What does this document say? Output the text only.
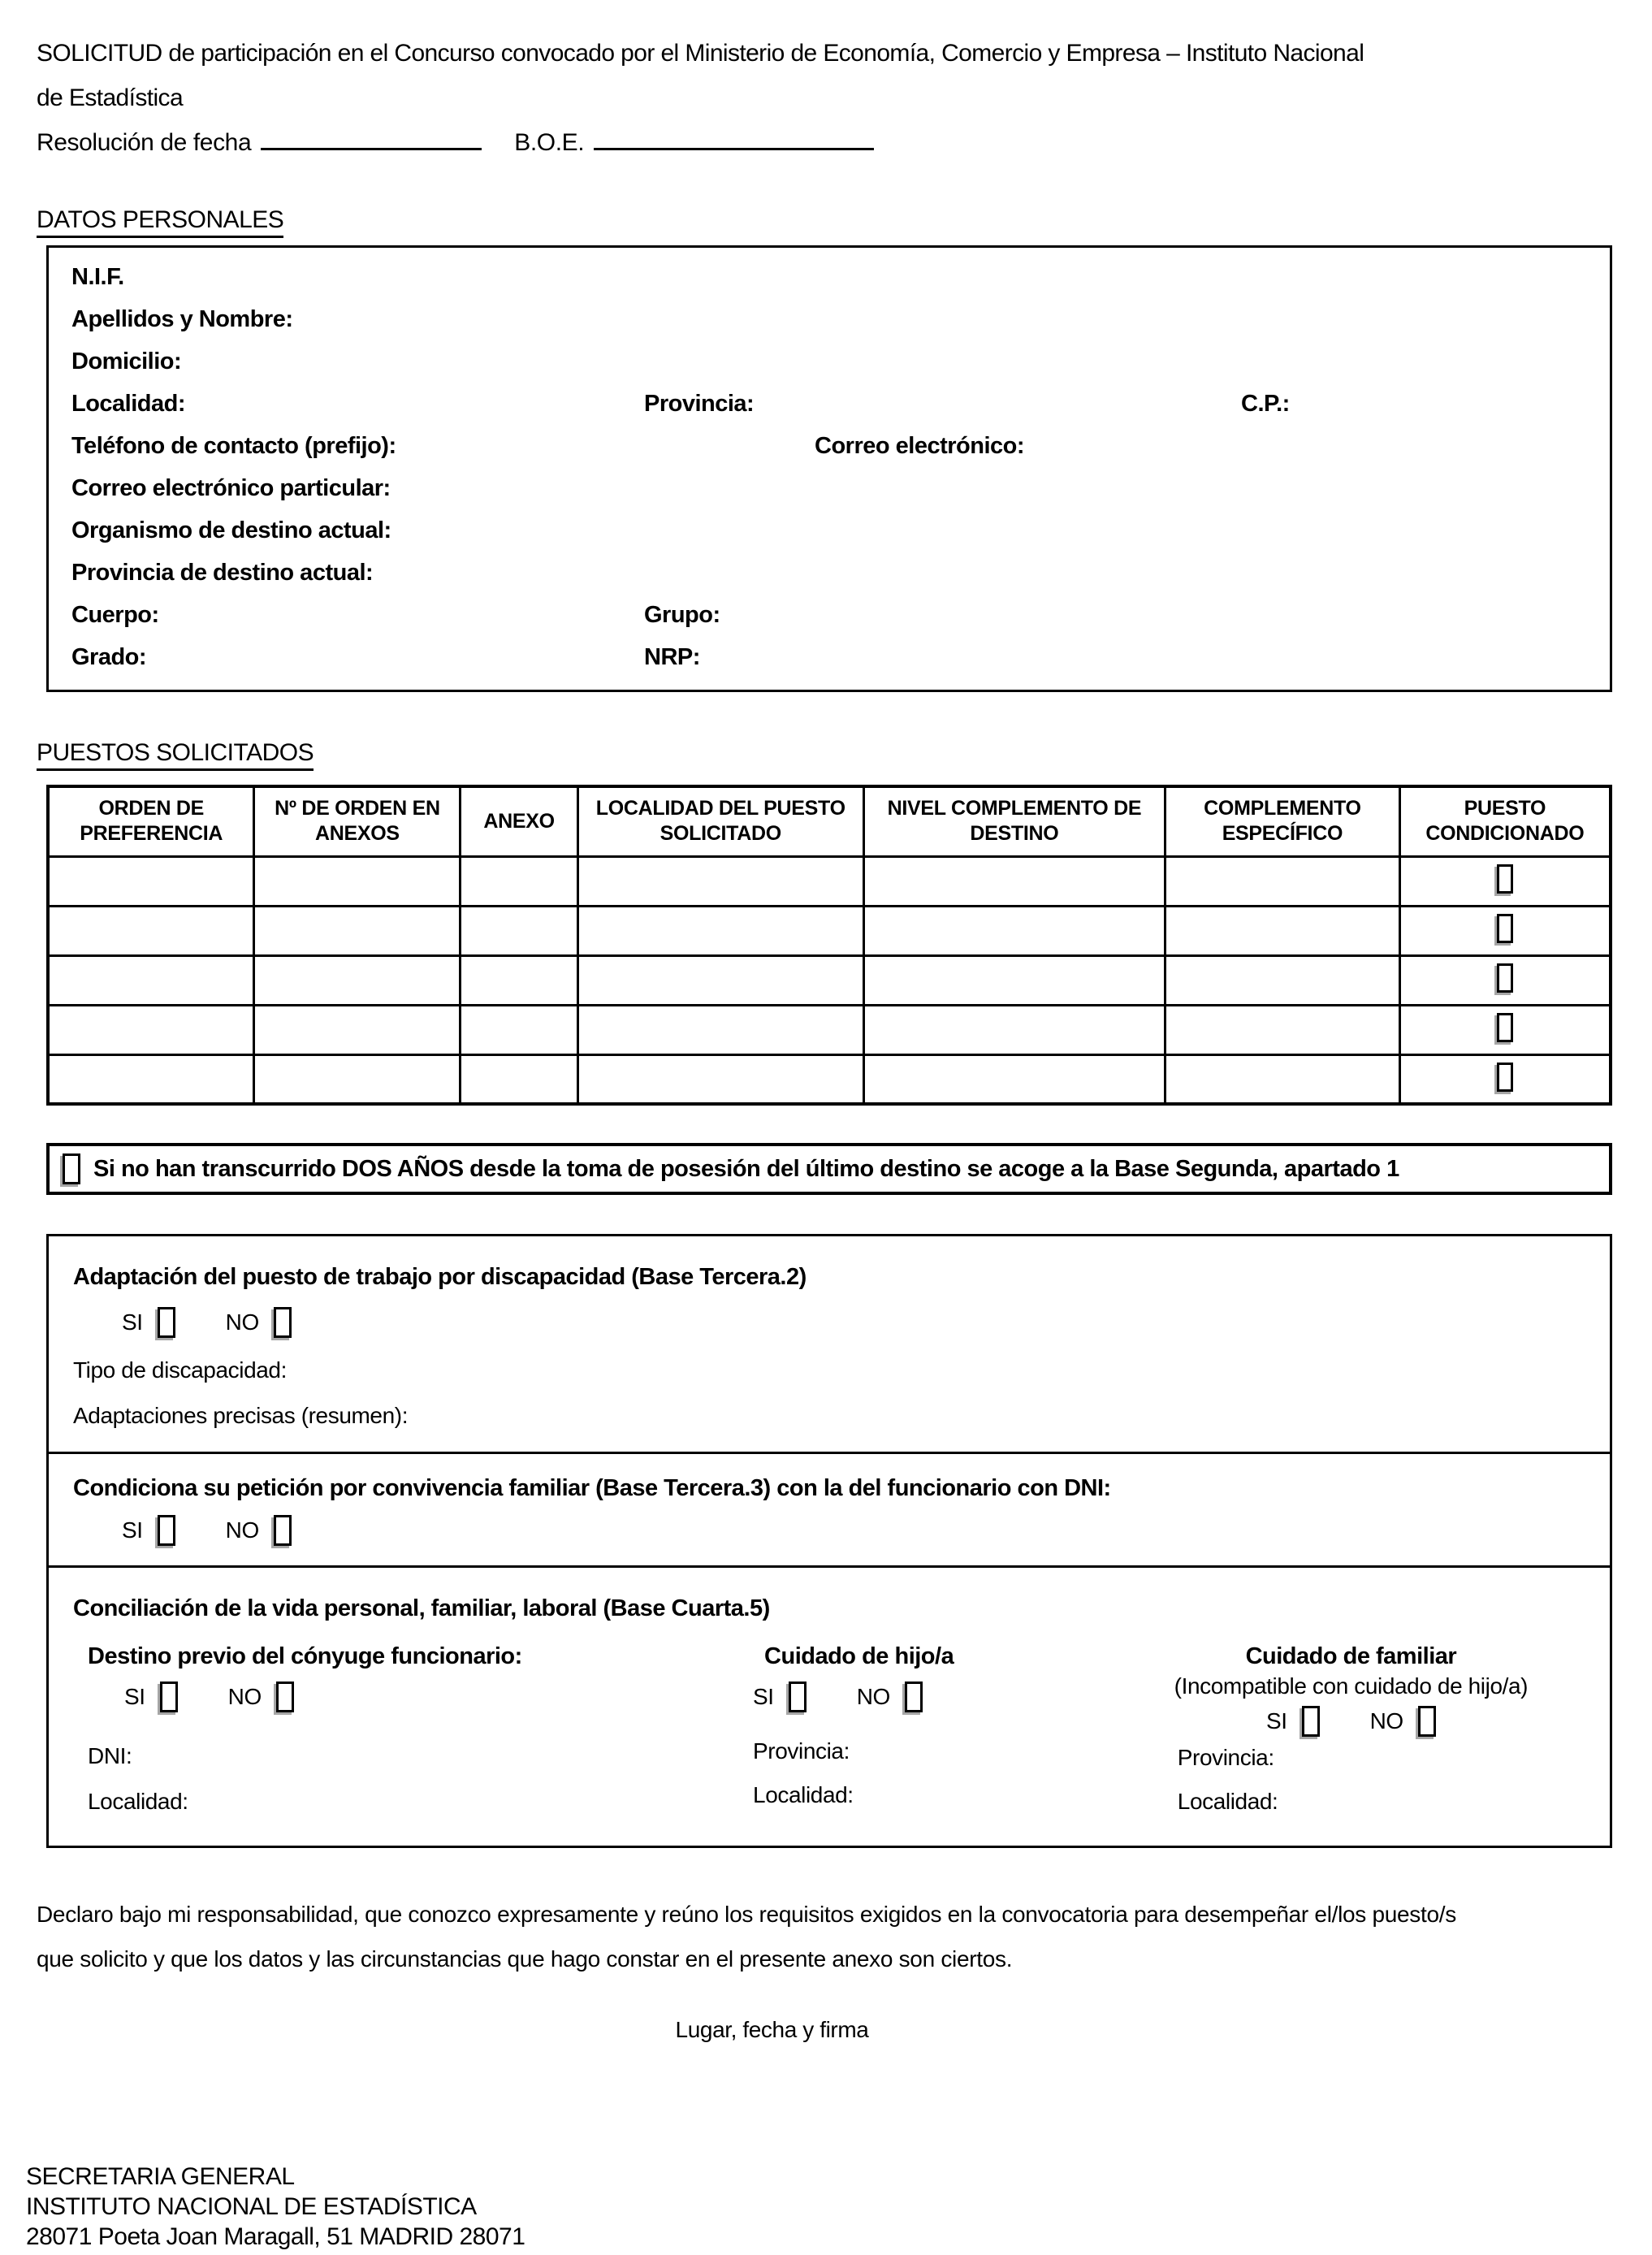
SOLICITUD de participación en el Concurso convocado por el Ministerio de Economía, Comercio y Empresa – Instituto Nacional
de Estadística
Resolución de fecha	B.O.E.
DATOS PERSONALES
N.I.F.
Apellidos y Nombre:
Domicilio:
Localidad:	Provincia:	C.P.:
Teléfono de contacto (prefijo):	Correo electrónico:
Correo electrónico particular:
Organismo de destino actual:
Provincia de destino actual:
Cuerpo:	Grupo:
Grado:	NRP:
PUESTOS SOLICITADOS
ORDEN DE PREFERENCIA	Nº DE ORDEN EN ANEXOS	ANEXO	LOCALIDAD DEL PUESTO SOLICITADO	NIVEL COMPLEMENTO DE DESTINO	COMPLEMENTO ESPECÍFICO	PUESTO CONDICIONADO

Si no han transcurrido DOS AÑOS desde la toma de posesión del último destino se acoge a la Base Segunda, apartado 1
Adaptación del puesto de trabajo por discapacidad (Base Tercera.2)
SI	NO
Tipo de discapacidad:
Adaptaciones precisas (resumen):
Condiciona su petición por convivencia familiar (Base Tercera.3) con la del funcionario con DNI:
SI	NO
Conciliación de la vida personal, familiar, laboral (Base Cuarta.5)
Destino previo del cónyuge funcionario:
SI	NO
DNI:
Localidad:
Cuidado de hijo/a
SI	NO
Provincia:
Localidad:
Cuidado de familiar
(Incompatible con cuidado de hijo/a)
SI	NO
Provincia:
Localidad:
Declaro bajo mi responsabilidad, que conozco expresamente y reúno los requisitos exigidos en la convocatoria para desempeñar el/los puesto/s
que solicito y que los datos y las circunstancias que hago constar en el presente anexo son ciertos.
Lugar, fecha y firma
SECRETARIA GENERAL
INSTITUTO NACIONAL DE ESTADÍSTICA
28071 Poeta Joan Maragall, 51 MADRID 28071
